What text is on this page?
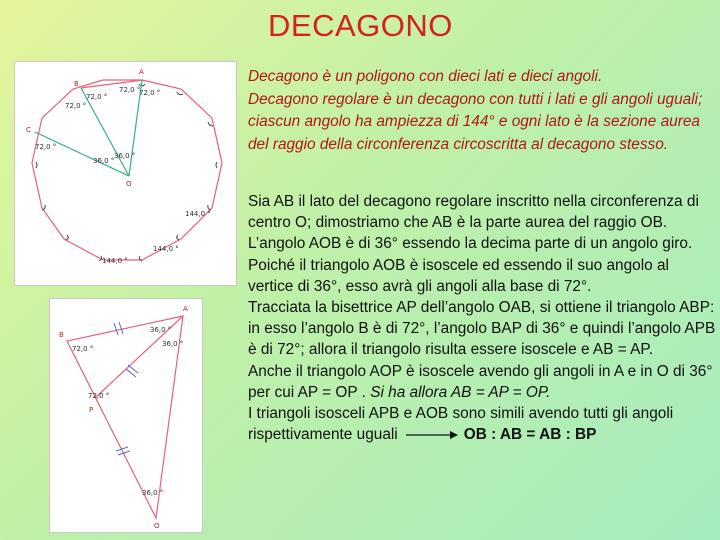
DECAGONO
A
B
C
O
72,0 °
72,0 °
72,0 °
72,0 °
72,0 °
36,0 °
36,0 °
144,0 °
144,0 °
144,0 °
A
B
P
O
36,0 °
36,0 °
72,0 °
72,0 °
36,0 °
Decagono è un poligono con dieci lati e dieci angoli.
Decagono regolare è un decagono con tutti i lati e gli angoli uguali; ciascun angolo ha ampiezza di 144° e ogni lato è la sezione aurea del raggio della circonferenza circoscritta al decagono stesso.

Sia AB il lato del decagono regolare inscritto nella circonferenza di centro O; dimostriamo che AB è la parte aurea del raggio OB.

L’angolo AOB è di 36° essendo la decima parte di un angolo giro. Poiché il triangolo AOB è isoscele ed essendo il suo angolo al vertice di 36°, esso avrà gli angoli alla base di 72°.

Tracciata la bisettrice AP dell’angolo OAB, si ottiene il triangolo ABP: in esso l’angolo B è di 72°, l’angolo BAP di 36° e quindi l’angolo APB è di 72°; allora il triangolo risulta essere isoscele e AB = AP.

Anche il triangolo AOP è isoscele avendo gli angoli in A e in O di 36° per cui AP = OP . Si ha allora AB = AP = OP.

I triangoli isosceli APB e AOB sono simili avendo tutti gli angoli rispettivamente uguali	OB : AB = AB : BP
